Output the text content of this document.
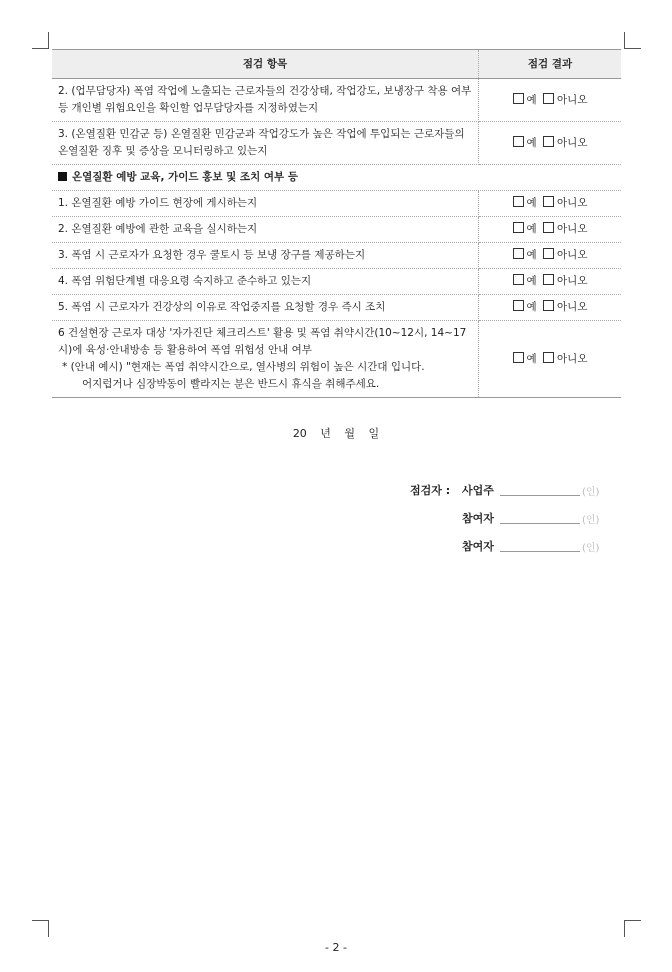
점검 항목	점검 결과
2. (업무담당자) 폭염 작업에 노출되는 근로자들의 건강상태, 작업강도, 보냉장구 착용 여부 등 개인별 위험요인을 확인할 업무담당자를 지정하였는지	예 아니오
3. (온열질환 민감군 등) 온열질환 민감군과 작업강도가 높은 작업에 투입되는 근로자들의 온열질환 징후 및 증상을 모니터링하고 있는지	예 아니오
온열질환 예방 교육, 가이드 홍보 및 조치 여부 등	
1. 온열질환 예방 가이드 현장에 게시하는지	예 아니오
2. 온열질환 예방에 관한 교육을 실시하는지	예 아니오
3. 폭염 시 근로자가 요청한 경우 쿨토시 등 보냉 장구를 제공하는지	예 아니오
4. 폭염 위험단계별 대응요령 숙지하고 준수하고 있는지	예 아니오
5. 폭염 시 근로자가 건강상의 이유로 작업중지를 요청할 경우 즉시 조치	예 아니오
6 건설현장 근로자 대상 '자가진단 체크리스트' 활용 및 폭염 취약시간(10~12시, 14~17시)에 육성·안내방송 등 활용하여 폭염 위험성 안내 여부
* (안내 예시) "현재는 폭염 취약시간으로, 열사병의 위험이 높은 시간대 입니다.
어지럽거나 심장박동이 빨라지는 분은 반드시 휴식을 취해주세요.	예 아니오
20 년 월 일
점검자 : 사업주	(인)
참여자	(인)
참여자	(인)
- 2 -
